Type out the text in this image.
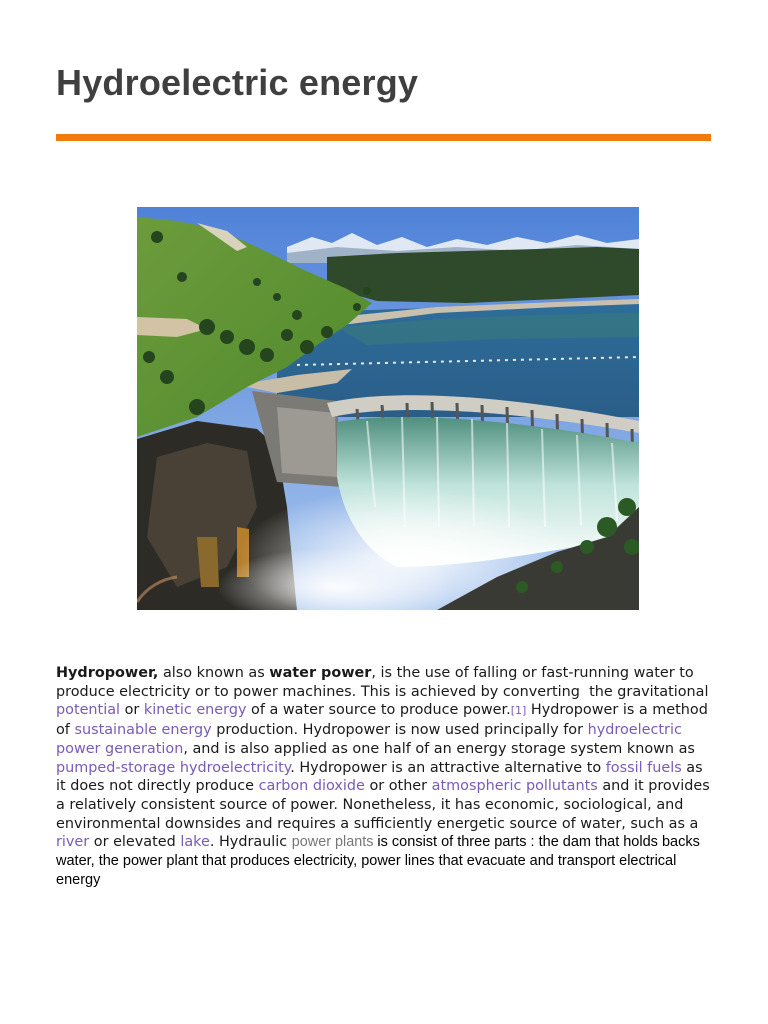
Hydroelectric energy

Hydropower, also known as water power, is the use of falling or fast-running water to produce electricity or to power machines. This is achieved by converting  the gravitational potential or kinetic energy of a water source to produce power.[1] Hydropower is a method of sustainable energy production. Hydropower is now used principally for hydroelectric power generation, and is also applied as one half of an energy storage system known as pumped-storage hydroelectricity. Hydropower is an attractive alternative to fossil fuels as it does not directly produce carbon dioxide or other atmospheric pollutants and it provides a relatively consistent source of power. Nonetheless, it has economic, sociological, and environmental downsides and requires a sufficiently energetic source of water, such as a river or elevated lake. Hydraulic power plants is consist of three parts : the dam that holds backs water, the power plant that produces electricity, power lines that evacuate and transport electrical energy
